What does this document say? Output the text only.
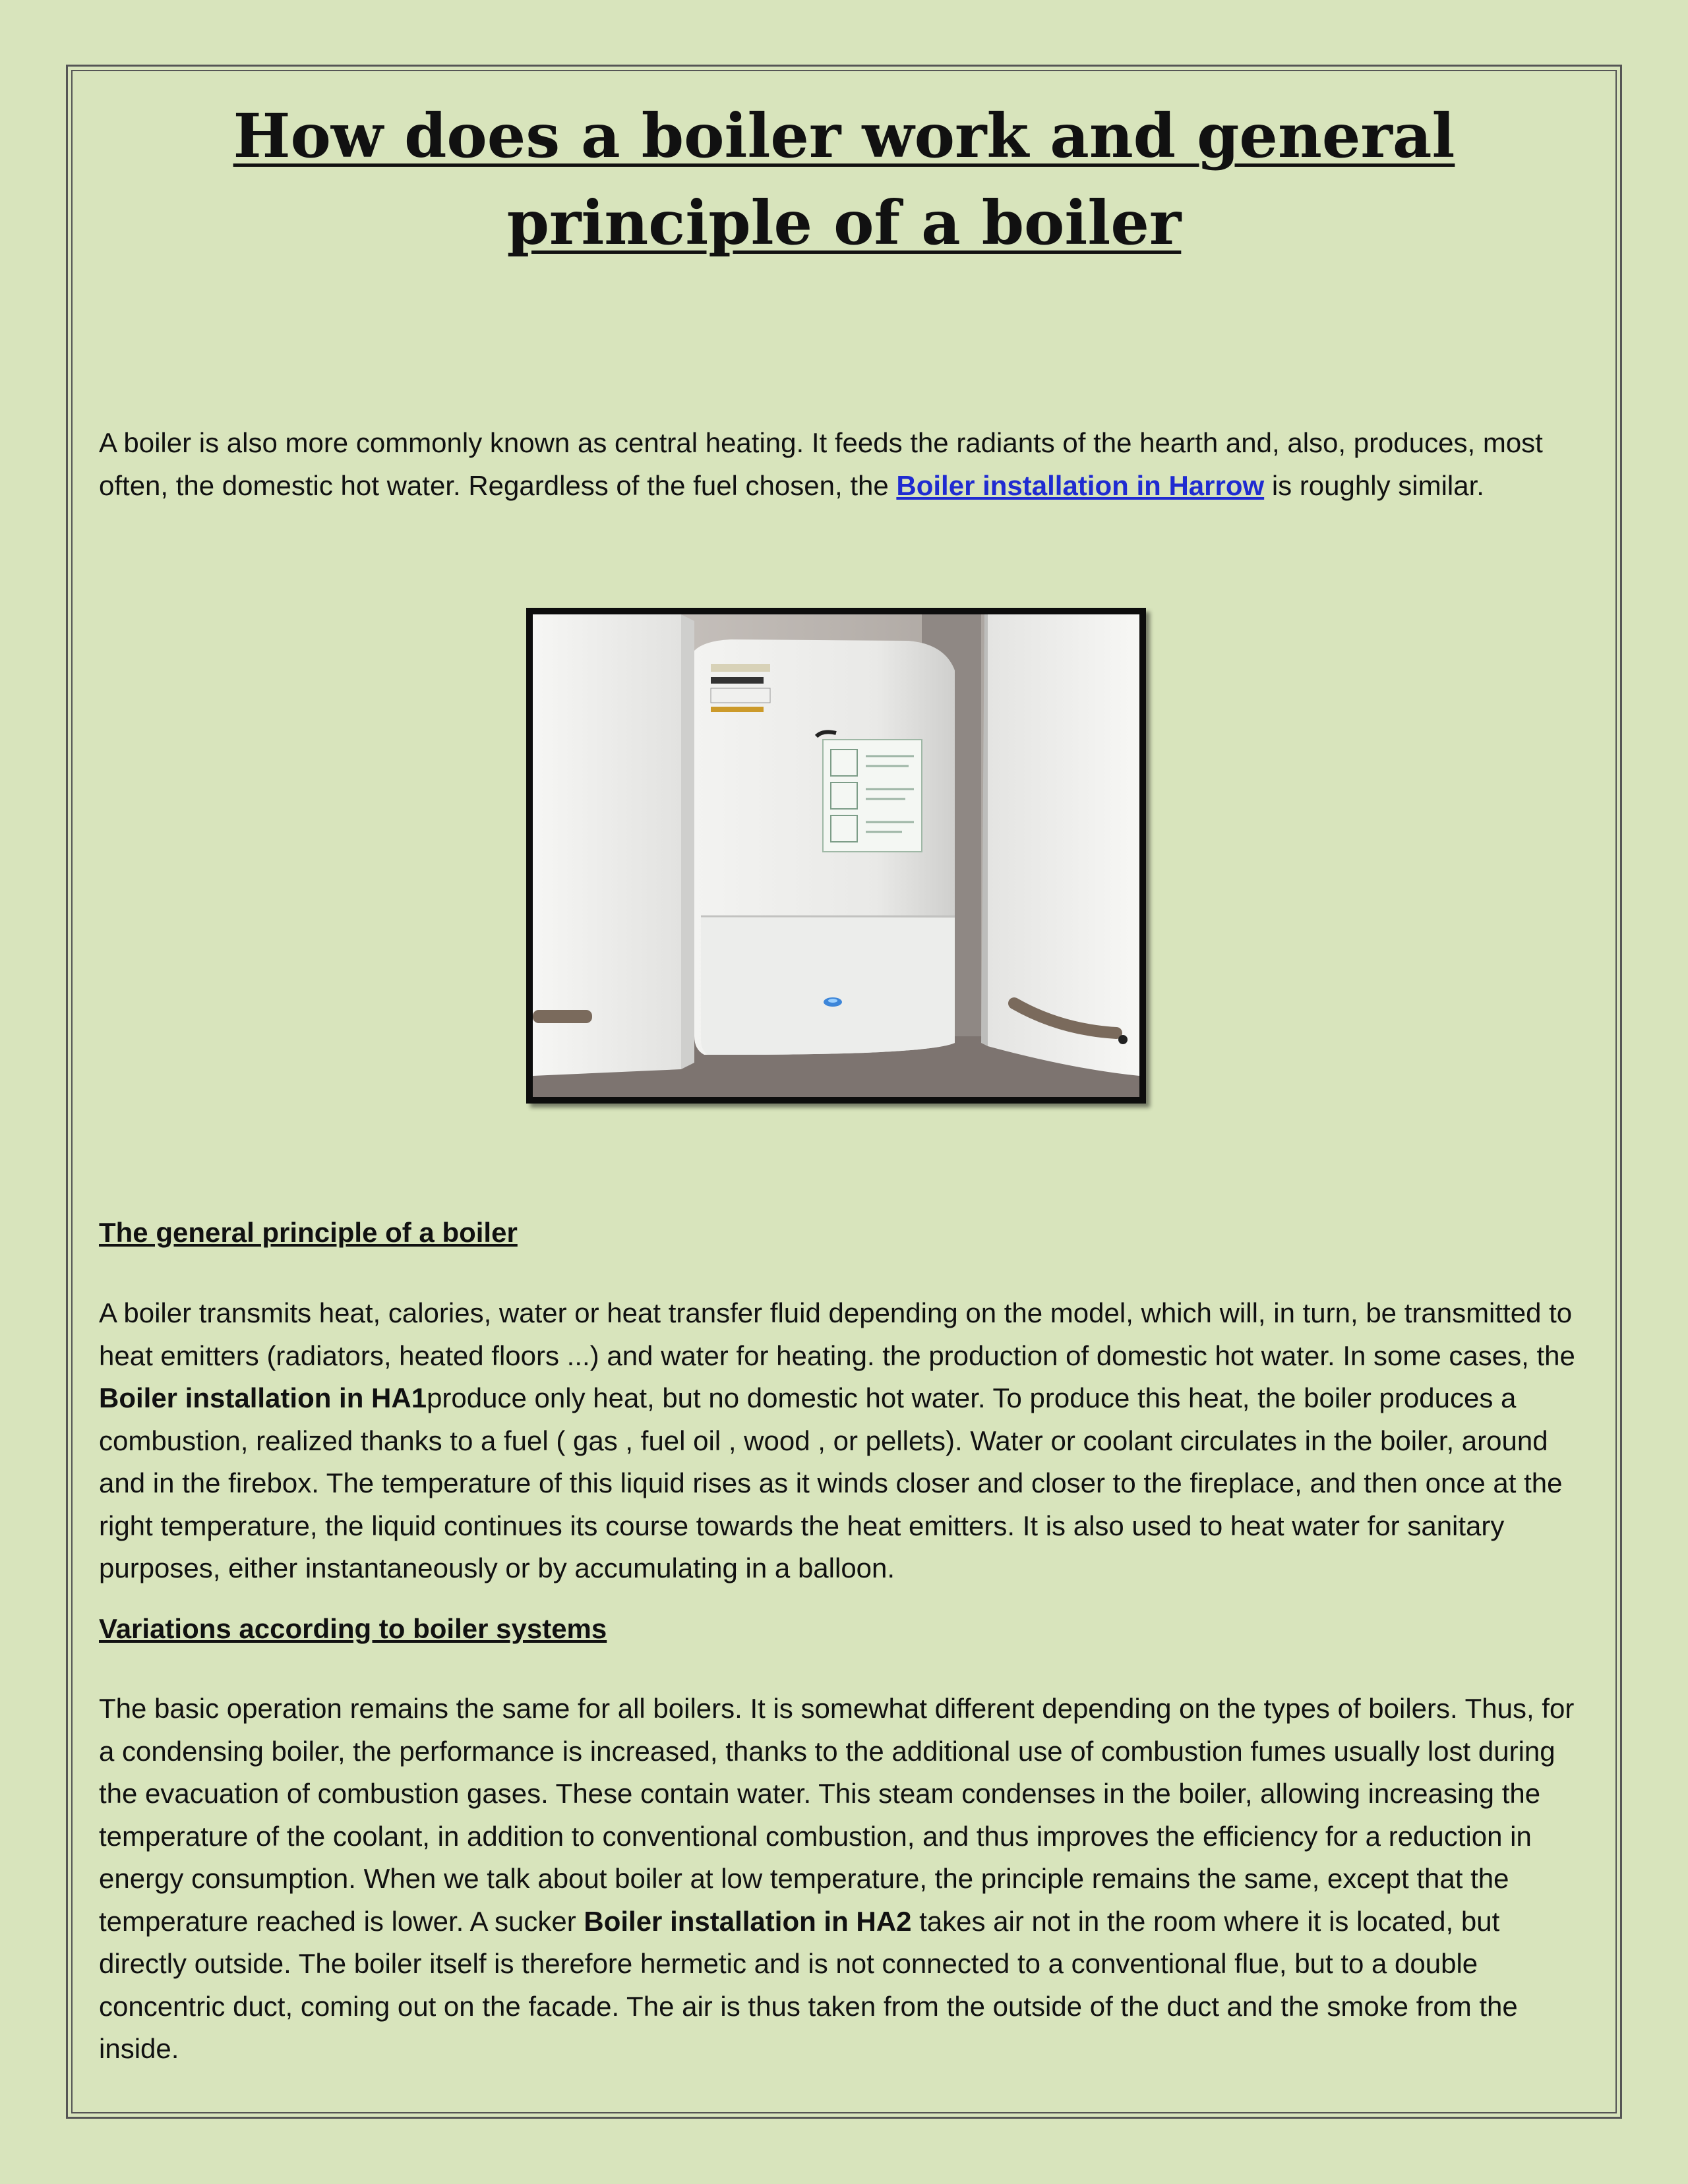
How does a boiler work and general principle of a boiler

A boiler is also more commonly known as central heating. It feeds the radiants of the hearth and, also, produces, most often, the domestic hot water. Regardless of the fuel chosen, the Boiler installation in Harrow is roughly similar.

The general principle of a boiler

A boiler transmits heat, calories, water or heat transfer fluid depending on the model, which will, in turn, be transmitted to heat emitters (radiators, heated floors ...) and water for heating. the production of domestic hot water. In some cases, the Boiler installation in HA1produce only heat, but no domestic hot water. To produce this heat, the boiler produces a combustion, realized thanks to a fuel ( gas , fuel oil , wood , or pellets). Water or coolant circulates in the boiler, around and in the firebox. The temperature of this liquid rises as it winds closer and closer to the fireplace, and then once at the right temperature, the liquid continues its course towards the heat emitters. It is also used to heat water for sanitary purposes, either instantaneously or by accumulating in a balloon.

Variations according to boiler systems

The basic operation remains the same for all boilers. It is somewhat different depending on the types of boilers. Thus, for a condensing boiler, the performance is increased, thanks to the additional use of combustion fumes usually lost during the evacuation of combustion gases. These contain water. This steam condenses in the boiler, allowing increasing the temperature of the coolant, in addition to conventional combustion, and thus improves the efficiency for a reduction in energy consumption. When we talk about boiler at low temperature, the principle remains the same, except that the temperature reached is lower. A sucker Boiler installation in HA2 takes air not in the room where it is located, but directly outside. The boiler itself is therefore hermetic and is not connected to a conventional flue, but to a double concentric duct, coming out on the facade. The air is thus taken from the outside of the duct and the smoke from the inside.
